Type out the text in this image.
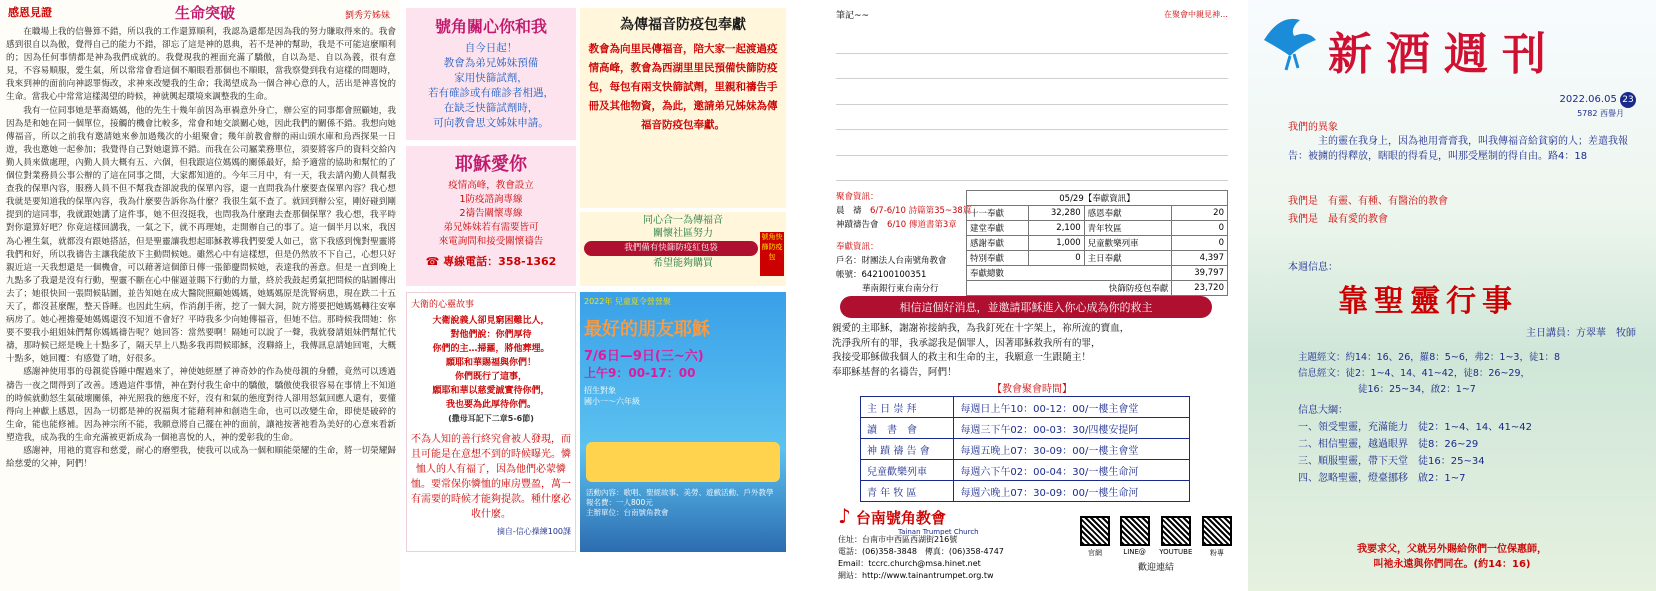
感恩見證	生命突破	劉秀芳姊妹

在職場上我的信譽算不錯，所以我的工作還算順利，我認為還都是因為我的努力賺取得來的。我會感到很自以為傲，覺得自己的能力不錯，卻忘了這是神的恩典，若不是神的幫助，我是不可能這麼順利的；因為任何事情都是神為我們成就的。我覺現我的裡面充滿了驕傲，自以為是、自以為義，很有意見，不容易順服，愛生氣，所以常常會看這個不順眼看那個也不順眼，當我察覺到我有這樣的問題時，我來到神的面前向神認罪悔改，求神來改變我的生命；我渴望成為一個合神心意的人，活出是神喜悅的生命。當我心中常常這樣渴望的時候，神就興起環境來調整我的生命。

我有一位同事她是華裔媽媽，他的先生十幾年前因為車禍意外身亡，辦公室的同事都會照顧她，我因為是和她在同一個單位，接觸的機會比較多，常會和她交談關心她，因此我們的關係不錯。我想向她傳福音，所以之前我有邀請她來參加過幾次的小組聚會；幾年前教會辦的兩山頭水庫和烏西探果一日遊，我也邀她一起參加；我覺得自己對她還算不錯。而我在公司屬業務單位，須要將客戶的資料交給內勤人員來做處理，內勤人員大概有五、六個，但我跟這位媽媽的關係最好，給予適當的協助和幫忙的了個位對業務員公事公辦的了這在同事之間，大家都知道的。今年三月中，有一天，我去請內勤人員幫我查我的保單內容，服務人員不但不幫我查卻說我的保單內容，還一直問我為什麼要查保單內容？我心想我就是要知道我的保單內容，我為什麼要告訴你為什麼？我很生氣不查了。就回到辦公室，剛好碰到剛提到的這同事，我就跟她講了這件事，她不但沒挺我，也問我為什麼跑去查那個保單？我心想，我平時對你還算好吧？你竟這樣回講我，一氣之下，就不再理她，走開辦自己的事了。這一個半月以來，我因為心裡生氣，就都沒有跟她搭話，但是聖靈讓我想起耶穌教導我們要愛人如己，當下我感到愧對聖靈將我們和好，所以我禱告主讓我能放下主動問候她。雖然心中有這樣想，但是仍然放不下自己，心想只好親近這一天我想還是一個機會，可以藉著這個節日傳一張節慶問候她，表達我的善意。但是一直到晚上九點多了我還是沒有行動，聖靈不斷在心中催逼並賜下行動的力量，終於我鼓起勇氣把問候的貼圖傳出去了；她很快回一張問候貼圖，並告知她在成大醫院照顧她媽媽，她媽媽原是洗腎病患，現在跌二十五天了，都沒甚麼醒，整天昏睡。也因此生病，作消創手術，挖了一個大洞，院方將要把她媽媽轉往安寧病房了。她心裡擔憂她媽媽還沒不知道不會好？平時我多少向她傳福音，但她不信。那時候我問她：你要不要我小組姐妹們幫你媽媽禱告呢？她回答：當然要啊！隔她可以說了一聲，我就發請姐妹們幫忙代禱，那時候已經是晚上十點多了，隔天早上八點多我再問候耶穌，沒聯絡上，我傳訊息請她回電，大概十點多，她回覆：有感覺了唷，好很多。

感謝神使用事的母親從昏睡中醒過來了，神使她經歷了神奇妙的作為使母親的身體，竟然可以透過禱告一夜之間得到了改善。透過這件事情，神在對付我生命中的驕傲，驕傲使我很容易在事情上不知道的時候就動怒生氣破壞關係，神光照我的態度不好，沒有和氣的態度對待人卻用怒氣回應人還有，要懂得向上神獻上感恩，因為一切都是神的祝福與才能藉利神和創造生命，也可以改變生命，即使是破碎的生命，能也能修補。因為神宗所不能，我願意將自己擺在神的面前，讓祂按著祂看為美好的心意來看新塑造我，成為我的生命充滿被更新成為一個祂喜悅的人，神的愛彰我的生命。

感謝神，用祂的寬容和慈愛，耐心的磨塑我，使我可以成為一個和順能榮耀的生命，將一切榮耀歸給慈愛的父神，阿們！

號角關心你和我
自今日起！
教會為弟兄姊妹預備
家用快篩試劑，
若有確診或有確診者相遇，
在缺乏快篩試劑時，
可向教會思文姊妹申請。
為傳福音防疫包奉獻
教會為向里民傳福音，陪大家一起渡過疫情高峰，教會為西湖里里民預備快篩防疫包，每包有兩支快篩試劑，里親和禱告手冊及其他物資，為此，邀請弟兄姊妹為傳福音防疫包奉獻。
耶穌愛你
疫情高峰，教會設立
1防疫諮詢專線
2禱告關懷專線
弟兄姊妹若有需要皆可
來電詢問和接受關懷禱告
☎ 專線電話：358-1362
同心合一為傳福音
關懷社區努力
我們備有快篩防疫紅包袋
希望能夠購買
號角快篩防疫包
大衛的心靈故事
大衛說義人卻見窮困難比人，
對他們說：你們厚待
你們的主…掃羅，將他葬埋。
願耶和華賜福與你們！
你們既行了這事，
願耶和華以慈愛誠實待你們，
我也要為此厚待你們。
(撒母耳記下二章5-6節)
不為人知的善行終究會被人發現，而且可能是在意想不到的時候曝光。憐恤人的人有福了，因為他們必蒙憐恤。要常保你憐恤的庫房豐盈，萬一有需要的時候才能夠提款。種什麼必收什麼。
摘自-信心操練100課
2022年 兒童夏令營營聚
最好的朋友耶穌
7/6日—9日(三~六)
上午9：00-17：00
招生對象
國小一～六年級
活動內容：歌唱、聖經故事、美勞、遊戲活動、戶外教學
報名費：一人800元
主辦單位：台南號角教會
筆記~~	在聚會中親見神…
聚會資訊：
晨　禱　 6/7-6/10 詩篇第35~38篇
神蹟禱告會　 6/10 傳道書第3章
奉獻資訊：
戶名：財團法人台南號角教會
帳號：642100100351
華南銀行東台南分行
05/29【奉獻資訊】			
十一奉獻	32,280	感恩奉獻	20
建堂奉獻	2,100	青年牧區	0
感謝奉獻	1,000	兒童歡樂列車	0
特別奉獻	0	主日奉獻	4,397
奉獻總數			39,797
快篩防疫包奉獻			23,720
相信這個好消息，並邀請耶穌進入你心成為你的救主
親愛的主耶穌，謝謝祢接納我，為我釘死在十字架上，祢所流的寶血，
洗淨我所有的罪，我承認我是個罪人，因著耶穌救我所有的罪，
我接受耶穌做我個人的救主和生命的主，我願意一生跟隨主！
奉耶穌基督的名禱告，阿們！
【教會聚會時間】
主 日 崇 拜	每週日上午10：00-12：00/一樓主會堂
讀　書　會	每週三下午02：00-03：30/四樓安提阿
神 蹟 禱 告 會	每週五晚上07：30-09：00/一樓主會堂
兒童歡樂列車	每週六下午02：00-04：30/一樓生命河
青 年 牧 區	每週六晚上07：30-09：00/一樓生命河
♪ 台南號角教會
Tainan Trumpet Church
住址：台南市中西區西湖街216號
電話：(06)358-3848　傳真：(06)358-4747
Email：tccrc.church@msa.hinet.net
網站：http://www.tainantrumpet.org.tw
官網	LINE@	YOUTUBE	粉專
歡迎連結
新酒週刊
2022.06.05 23
5782 西譽月
我們的異象
主的靈在我身上，因為祂用膏膏我，叫我傳福音給貧窮的人；差遣我報告：被擄的得釋放，瞎眼的得看見，叫那受壓制的得自由。路4：18
我們是　有靈、有種、有醫治的教會
我們是　最有愛的教會
本週信息：
靠聖靈行事
主日講員：方翠華　牧師
主題經文：約14：16、26，羅8：5~6，弗2：1~3，徒1：8
信息經文：徒2：1~4、14、41~42，徒8：26~29，
徒16：25~34，啟2：1~7
信息大綱：
一、領受聖靈，充滿能力　徒2：1~4、14、41~42
二、相信聖靈，越過眼界　徒8：26~29
三、順服聖靈，帶下天堂　徒16：25~34
四、忽略聖靈，燈臺挪移　啟2：1~7
我要求父，父就另外賜給你們一位保惠師，
叫祂永遠與你們同在。(約14：16)
